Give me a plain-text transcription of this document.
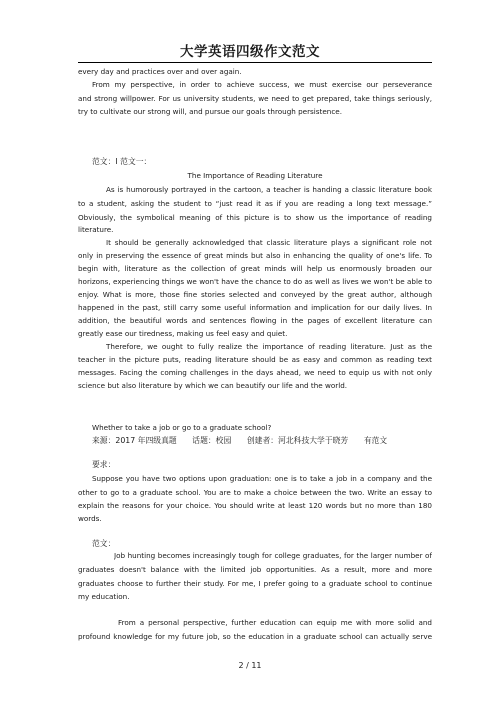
大学英语四级作文范文
every day and practices over and over again.
From my perspective, in order to achieve success, we must exercise our perseverance
and strong willpower. For us university students, we need to get prepared, take things seriously,
try to cultivate our strong will, and pursue our goals through persistence.
范文：Ⅰ 范文一：
The Importance of Reading Literature
As is humorously portrayed in the cartoon, a teacher is handing a classic literature book
to a student, asking the student to “just read it as if you are reading a long text message.”
Obviously, the symbolical meaning of this picture is to show us the importance of reading
literature.
It should be generally acknowledged that classic literature plays a significant role not
only in preserving the essence of great minds but also in enhancing the quality of one's life. To
begin with, literature as the collection of great minds will help us enormously broaden our
horizons, experiencing things we won't have the chance to do as well as lives we won't be able to
enjoy. What is more, those fine stories selected and conveyed by the great author, although
happened in the past, still carry some useful information and implication for our daily lives. In
addition, the beautiful words and sentences flowing in the pages of excellent literature can
greatly ease our tiredness, making us feel easy and quiet.
Therefore, we ought to fully realize the importance of reading literature. Just as the
teacher in the picture puts, reading literature should be as easy and common as reading text
messages. Facing the coming challenges in the days ahead, we need to equip us with not only
science but also literature by which we can beautify our life and the world.
Whether to take a job or go to a graduate school?
来源：2017 年四级真题　　话题：校园　　创建者：河北科技大学于晓芳　　有范文
要求：
Suppose you have two options upon graduation: one is to take a job in a company and the
other to go to a graduate school. You are to make a choice between the two. Write an essay to
explain the reasons for your choice. You should write at least 120 words but no more than 180
words.
范文：
Job hunting becomes increasingly tough for college graduates, for the larger number of
graduates doesn't balance with the limited job opportunities. As a result, more and more
graduates choose to further their study. For me, I prefer going to a graduate school to continue
my education.
From a personal perspective, further education can equip me with more solid and
profound knowledge for my future job, so the education in a graduate school can actually serve
2 / 11
